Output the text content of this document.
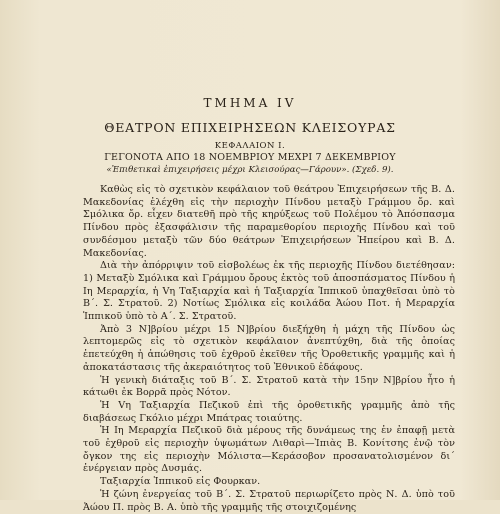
ΤΜΗΜΑ IV
ΘΕΑΤΡΟΝ ΕΠΙΧΕΙΡΗΣΕΩΝ ΚΛΕΙΣΟΥΡΑΣ
ΚΕΦΑΛΑΙΟΝ Ι.
ΓΕΓΟΝΟΤΑ ΑΠΟ 18 ΝΟΕΜΒΡΙΟΥ ΜΕΧΡΙ 7 ΔΕΚΕΜΒΡΙΟΥ
«Ἐπιθετικαὶ ἐπιχειρήσεις μέχρι Κλεισούρας—Γάρουν». (Σχεδ. 9).

Καθὼς εἰς τὸ σχετικὸν κεφάλαιον τοῦ θεάτρου Ἐπιχειρήσεων τῆς Β. Δ. Μακεδονίας ἐλέχθη εἰς τὴν περιοχὴν Πίνδου μεταξὺ Γράμμου ὄρ. καὶ Σμόλικα ὄρ. εἶχεν διατεθῆ πρὸ τῆς κηρύξεως τοῦ Πολέμου τὸ Ἀπόσπασμα Πίνδου πρὸς ἐξασφάλισιν τῆς παραμεθορίου περιοχῆς Πίνδου καὶ τοῦ συνδέσμου μεταξὺ τῶν δύο θεάτρων Ἐπιχειρήσεων Ἠπείρου καὶ Β. Δ. Μακεδονίας.

Διὰ τὴν ἀπόρριψιν τοῦ εἰσβολέως ἐκ τῆς περιοχῆς Πίνδου διετέθησαν: 1) Μεταξὺ Σμόλικα καὶ Γράμμου ὄρους ἐκτὸς τοῦ ἀποσπάσματος Πίνδου ἡ Ιη Μεραρχία, ἡ Vη Ταξιαρχία καὶ ἡ Ταξιαρχία Ἱππικοῦ ὑπαχθεῖσαι ὑπὸ τὸ Β΄. Σ. Στρατοῦ. 2) Νοτίως Σμόλικα εἰς κοιλάδα Ἀώου Ποτ. ἡ Μεραρχία Ἱππικοῦ ὑπὸ τὸ Α΄. Σ. Στρατοῦ.

Ἀπὸ 3 Ν]βρίου μέχρι 15 Ν]βρίου διεξήχθη ἡ μάχη τῆς Πίνδου ὡς λεπτομερῶς εἰς τὸ σχετικὸν κεφάλαιον ἀνεπτύχθη, διὰ τῆς ὁποίας ἐπετεύχθη ἡ ἀπώθησις τοῦ ἐχθροῦ ἐκεῖθεν τῆς Ὀροθετικῆς γραμμῆς καὶ ἡ ἀποκατάστασις τῆς ἀκεραιότητος τοῦ Ἐθνικοῦ ἐδάφους.

Ἡ γενικὴ διάταξις τοῦ Β΄. Σ. Στρατοῦ κατὰ τὴν 15ην Ν]βρίου ἦτο ἡ κάτωθι ἐκ Βορρᾶ πρὸς Νότον.

Ἡ Vη Ταξιαρχία Πεζικοῦ ἐπὶ τῆς ὀροθετικῆς γραμμῆς ἀπὸ τῆς διαβάσεως Γκόλιο μέχρι Μπάτρας τοιαύτης.

Ἡ Ιη Μεραρχία Πεζικοῦ διὰ μέρους τῆς δυνάμεως της ἐν ἐπαφῇ μετὰ τοῦ ἐχθροῦ εἰς περιοχὴν ὑψωμάτων Λιθαρὶ—Ἰπιὰς Β. Κονίτσης ἐνῷ τὸν ὄγκον της εἰς περιοχὴν Μόλιστα—Κεράσοβον προσανατολισμένον δι΄ ἐνέργειαν πρὸς Δυσμάς.

Ταξιαρχία Ἱππικοῦ εἰς Φουρκαν.

Ἡ ζώνη ἐνεργείας τοῦ Β΄. Σ. Στρατοῦ περιωρίζετο πρὸς Ν. Δ. ὑπὸ τοῦ Ἀώου Π. πρὸς Β. Α. ὑπὸ τῆς γραμμῆς τῆς στοιχιζομένης
